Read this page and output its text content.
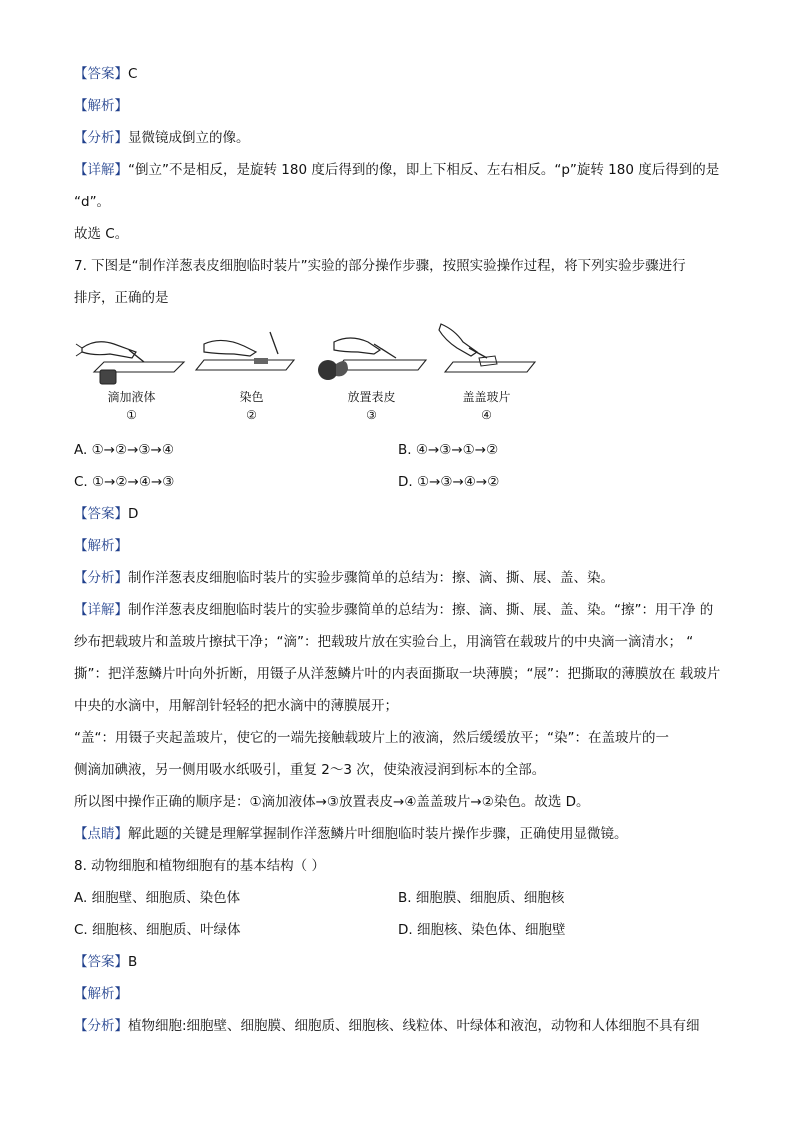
【答案】C
【解析】
【分析】显微镜成倒立的像。
【详解】“倒立”不是相反，是旋转 180 度后得到的像，即上下相反、左右相反。“p”旋转 180 度后得到的是
“d”。
故选 C。
7. 下图是“制作洋葱表皮细胞临时装片”实验的部分操作步骤，按照实验操作过程，将下列实验步骤进行
排序，正确的是
滴加液体
①
染色
②
放置表皮
③
盖盖玻片
④
A. ①→②→③→④	B. ④→③→①→②
C. ①→②→④→③	D. ①→③→④→②
【答案】D
【解析】
【分析】制作洋葱表皮细胞临时装片的实验步骤简单的总结为：擦、滴、撕、展、盖、染。
【详解】制作洋葱表皮细胞临时装片的实验步骤简单的总结为：擦、滴、撕、展、盖、染。“擦”：用干净 的
纱布把载玻片和盖玻片擦拭干净；“滴”：把载玻片放在实验台上，用滴管在载玻片的中央滴一滴清水； “
撕”：把洋葱鳞片叶向外折断，用镊子从洋葱鳞片叶的内表面撕取一块薄膜；“展”：把撕取的薄膜放在 载玻片
中央的水滴中，用解剖针轻轻的把水滴中的薄膜展开；
“盖“：用镊子夹起盖玻片，使它的一端先接触载玻片上的液滴，然后缓缓放平；“染”：在盖玻片的一
侧滴加碘液，另一侧用吸水纸吸引，重复 2～3 次，使染液浸润到标本的全部。
所以图中操作正确的顺序是：①滴加液体→③放置表皮→④盖盖玻片→②染色。故选 D。
【点睛】解此题的关键是理解掌握制作洋葱鳞片叶细胞临时装片操作步骤，正确使用显微镜。
8. 动物细胞和植物细胞有的基本结构（ ）
A. 细胞壁、细胞质、染色体	B. 细胞膜、细胞质、细胞核
C. 细胞核、细胞质、叶绿体	D. 细胞核、染色体、细胞壁
【答案】B
【解析】
【分析】植物细胞:细胞壁、细胞膜、细胞质、细胞核、线粒体、叶绿体和液泡，动物和人体细胞不具有细
